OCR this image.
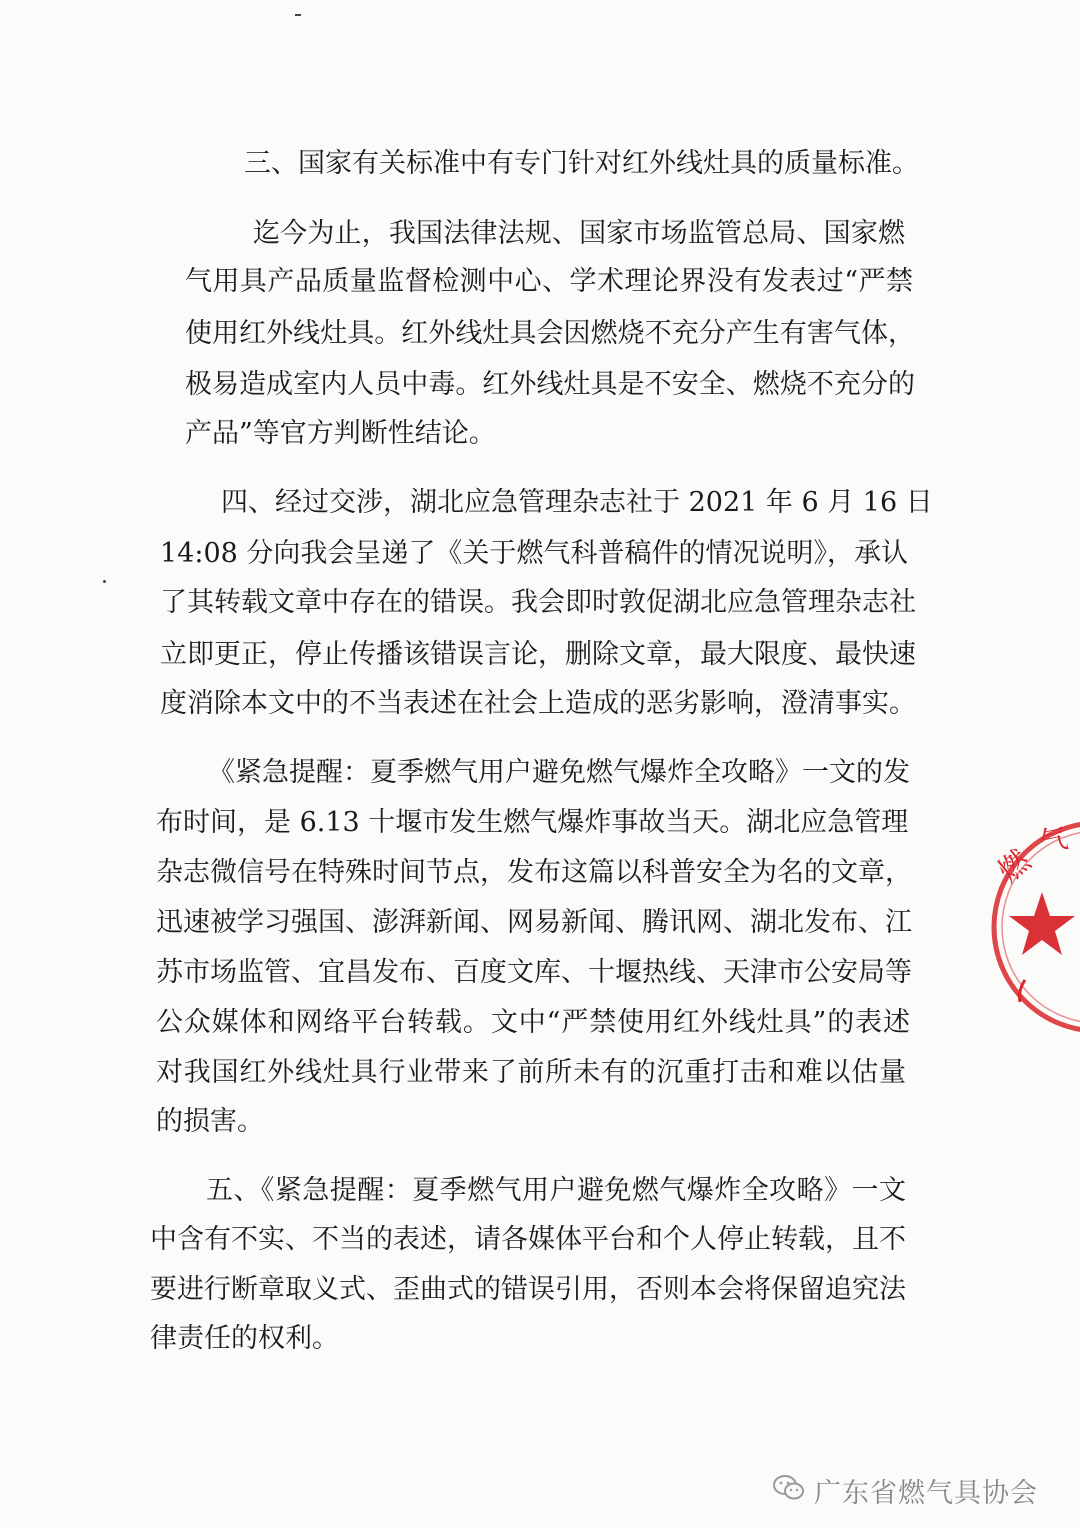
三、国家有关标准中有专门针对红外线灶具的质量标准。
迄今为止，我国法律法规、国家市场监管总局、国家燃
气用具产品质量监督检测中心、学术理论界没有发表过“严禁
使用红外线灶具。红外线灶具会因燃烧不充分产生有害气体，
极易造成室内人员中毒。红外线灶具是不安全、燃烧不充分的
产品”等官方判断性结论。
四、经过交涉，湖北应急管理杂志社于 2021 年 6 月 16 日
14:08 分向我会呈递了《关于燃气科普稿件的情况说明》，承认
了其转载文章中存在的错误。我会即时敦促湖北应急管理杂志社
立即更正，停止传播该错误言论，删除文章，最大限度、最快速
度消除本文中的不当表述在社会上造成的恶劣影响，澄清事实。
《紧急提醒：夏季燃气用户避免燃气爆炸全攻略》一文的发
布时间，是 6.13 十堰市发生燃气爆炸事故当天。湖北应急管理
杂志微信号在特殊时间节点，发布这篇以科普安全为名的文章，
迅速被学习强国、澎湃新闻、网易新闻、腾讯网、湖北发布、江
苏市场监管、宜昌发布、百度文库、十堰热线、天津市公安局等
公众媒体和网络平台转载。文中“严禁使用红外线灶具”的表述
对我国红外线灶具行业带来了前所未有的沉重打击和难以估量
的损害。
五、《紧急提醒：夏季燃气用户避免燃气爆炸全攻略》一文
中含有不实、不当的表述，请各媒体平台和个人停止转载，且不
要进行断章取义式、歪曲式的错误引用，否则本会将保留追究法
律责任的权利。
燃
气
广东省燃气具协会
